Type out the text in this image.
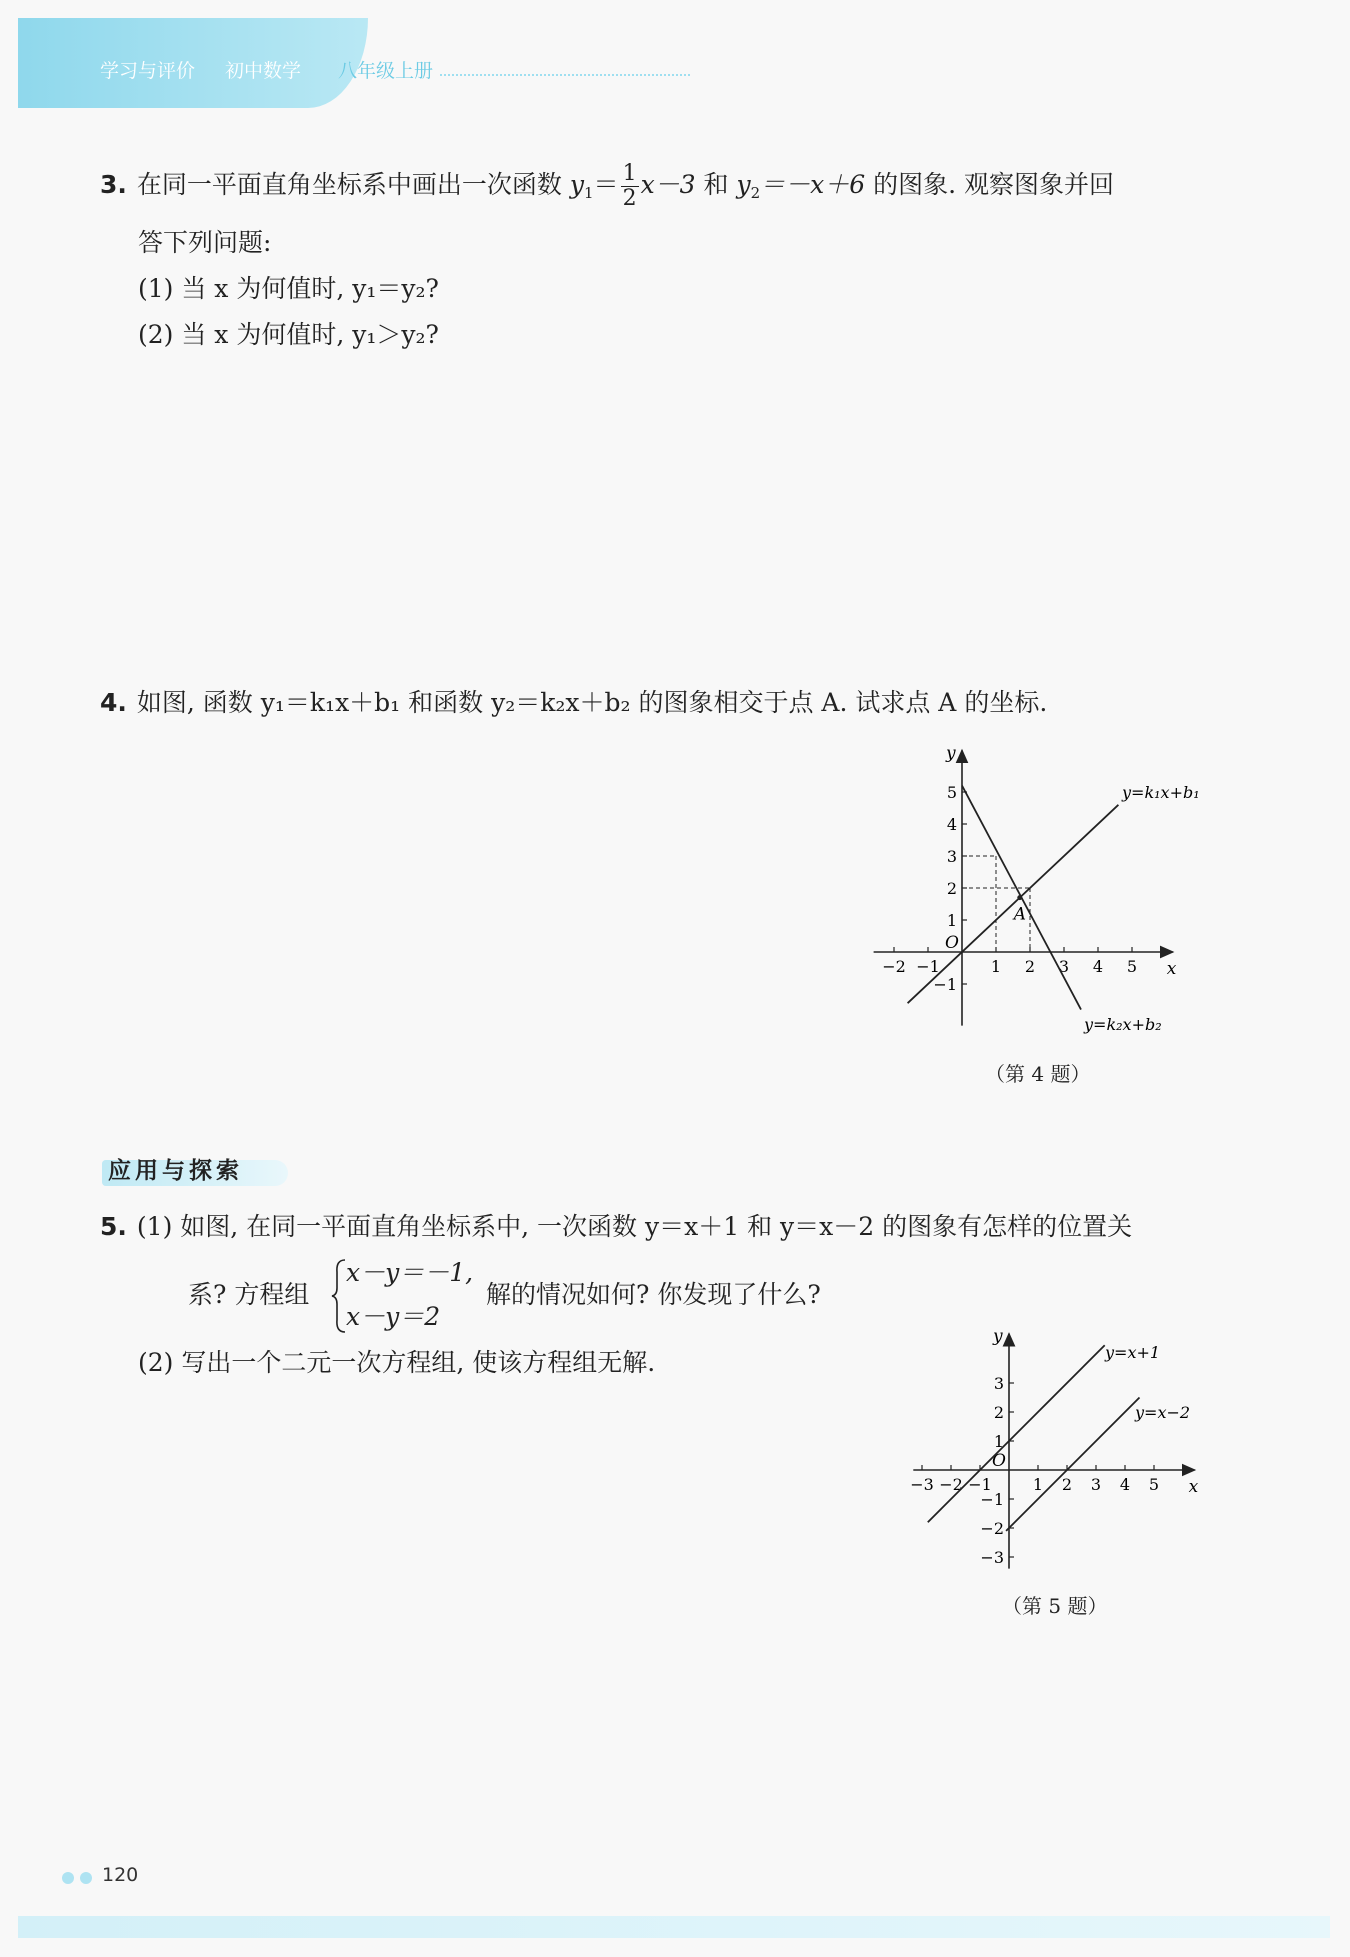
学习与评价 初中数学 八年级上册
3. 在同一平面直角坐标系中画出一次函数 $y_1= \frac{1}{2} x-3$ 和 $y_2=-x+6$ 的图象. 观察图象并回
答下列问题:
(1) 当 x 为何值时, y₁＝y₂?
(2) 当 x 为何值时, y₁＞y₂?
4. 如图, 函数 y₁＝k₁x＋b₁ 和函数 y₂＝k₂x＋b₂ 的图象相交于点 A. 试求点 A 的坐标.
x
y
O
−2 −1	1 2 3 4 5
−1
1
2
3
4
5	y=k₁x+b₁
y=k₂x+b₂
A
（第 4 题）
应用与探索
5. (1) 如图, 在同一平面直角坐标系中, 一次函数 y＝x＋1 和 y＝x－2 的图象有怎样的位置关
系? 方程组
x－y＝－1,
x－y＝2
解的情况如何? 你发现了什么?
(2) 写出一个二元一次方程组, 使该方程组无解.
x
y
O
−3 −2 −1	1 2 3 4 5
−3
−2
−1
1
2
3
y=x+1
y=x−2
（第 5 题）
120
